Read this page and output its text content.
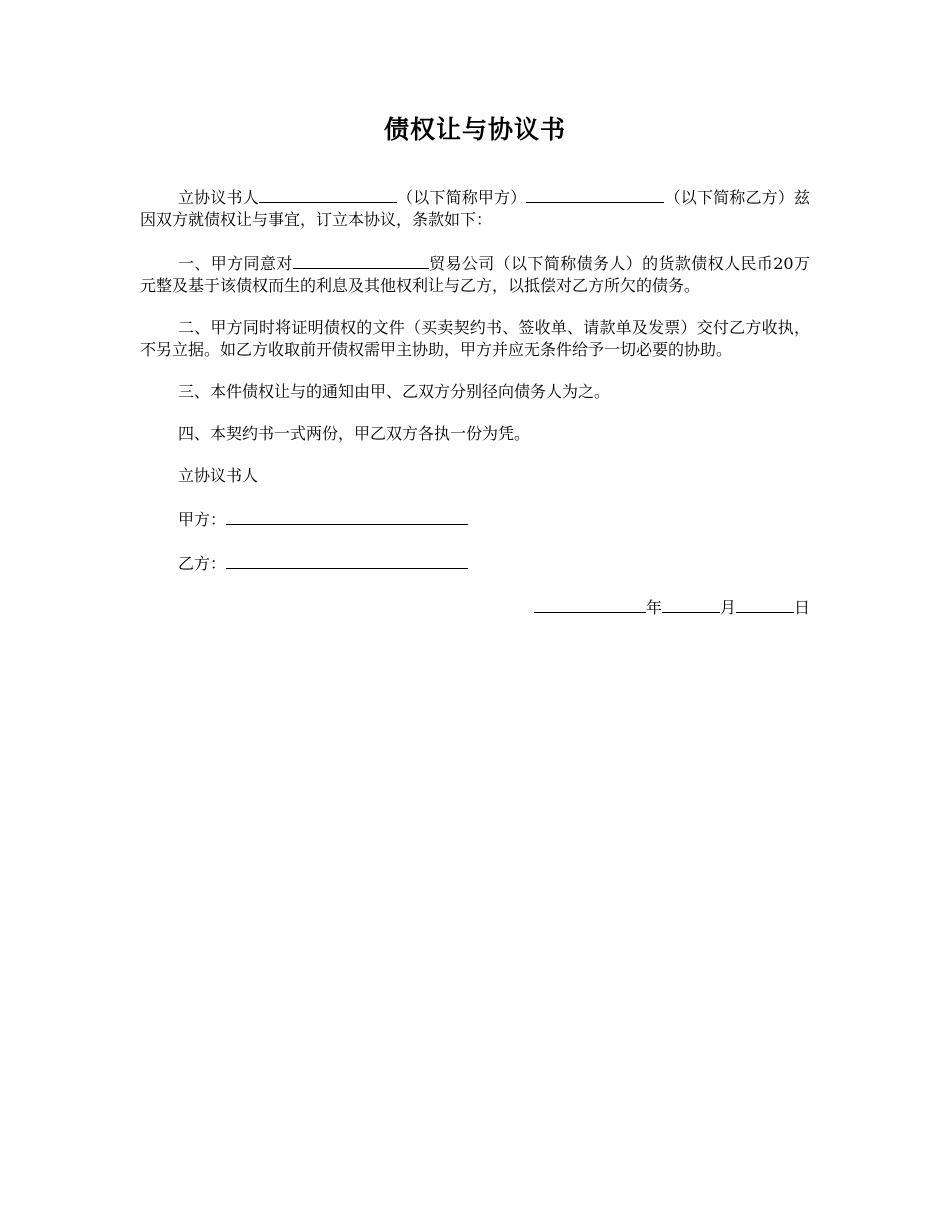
债权让与协议书

立协议书人	（以下简称甲方）	（以下简称乙方）兹因双方就债权让与事宜，订立本协议，条款如下：

一、甲方同意对	贸易公司（以下简称债务人）的货款债权人民币20万元整及基于该债权而生的利息及其他权利让与乙方，以抵偿对乙方所欠的债务。

二、甲方同时将证明债权的文件（买卖契约书、签收单、请款单及发票）交付乙方收执，不另立据。如乙方收取前开债权需甲主协助，甲方并应无条件给予一切必要的协助。

三、本件债权让与的通知由甲、乙双方分别径向债务人为之。

四、本契约书一式两份，甲乙双方各执一份为凭。

立协议书人

甲方：

乙方：

年	月	日
